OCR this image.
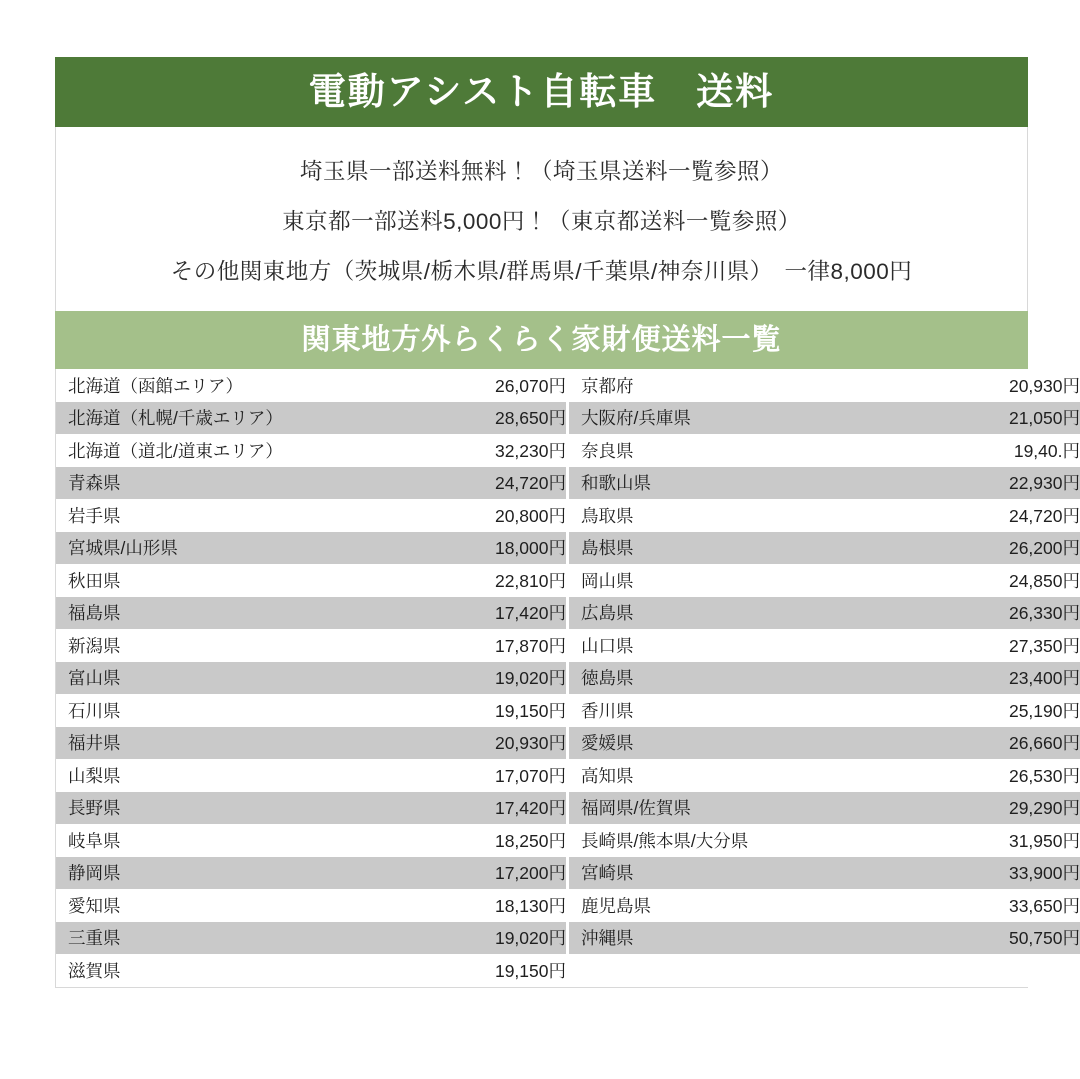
電動アシスト自転車　送料
埼玉県一部送料無料！（埼玉県送料一覧参照）
東京都一部送料5,000円！（東京都送料一覧参照）
その他関東地方（茨城県/栃木県/群馬県/千葉県/神奈川県）　一律8,000円
関東地方外らくらく家財便送料一覧
北海道（函館エリア）	26,070円	京都府	20,930円
北海道（札幌/千歳エリア）	28,650円	大阪府/兵庫県	21,050円
北海道（道北/道東エリア）	32,230円	奈良県	19,40.円
青森県	24,720円	和歌山県	22,930円
岩手県	20,800円	鳥取県	24,720円
宮城県/山形県	18,000円	島根県	26,200円
秋田県	22,810円	岡山県	24,850円
福島県	17,420円	広島県	26,330円
新潟県	17,870円	山口県	27,350円
富山県	19,020円	徳島県	23,400円
石川県	19,150円	香川県	25,190円
福井県	20,930円	愛媛県	26,660円
山梨県	17,070円	高知県	26,530円
長野県	17,420円	福岡県/佐賀県	29,290円
岐阜県	18,250円	長崎県/熊本県/大分県	31,950円
静岡県	17,200円	宮崎県	33,900円
愛知県	18,130円	鹿児島県	33,650円
三重県	19,020円	沖縄県	50,750円
滋賀県	19,150円		
